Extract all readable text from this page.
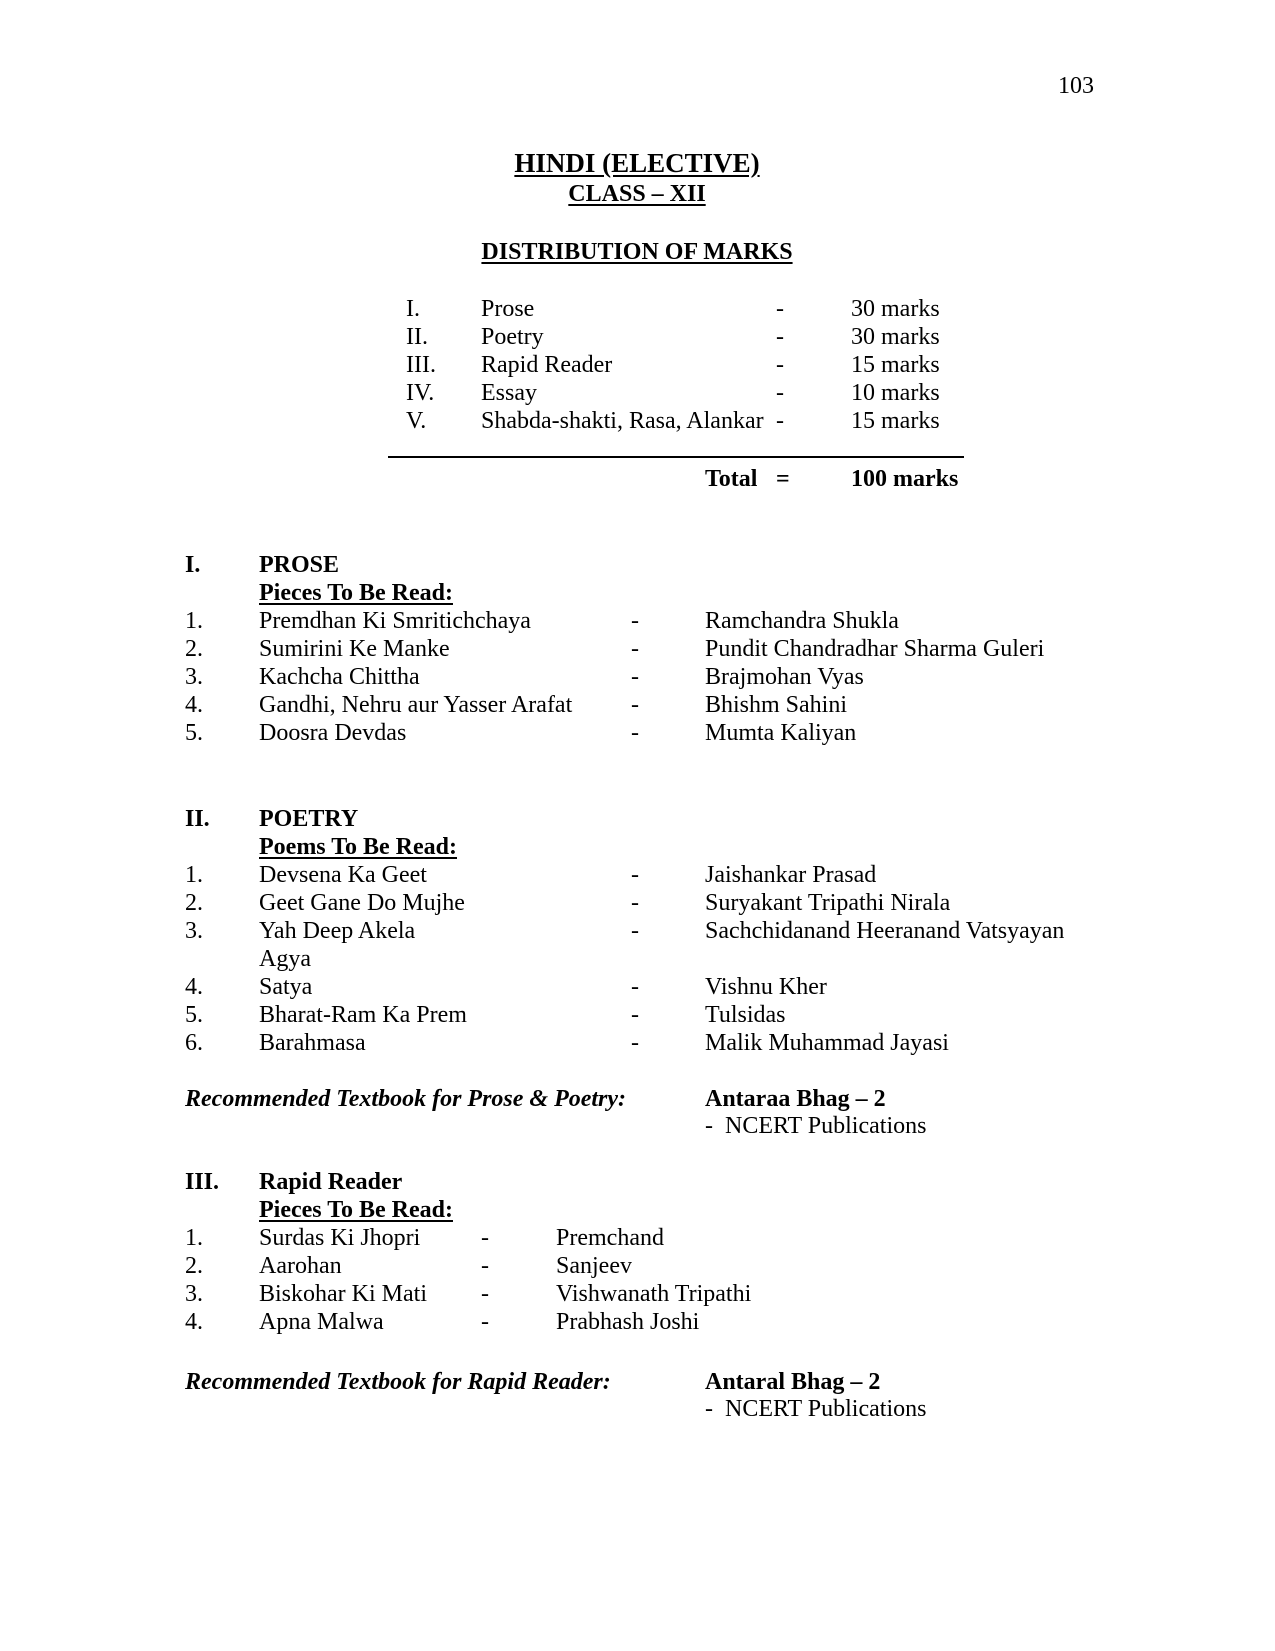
103
HINDI (ELECTIVE)
CLASS – XII
DISTRIBUTION OF MARKS
I.	Prose	-	30 marks
II. Poetry	-	30 marks
III. Rapid Reader	-	15 marks
IV. Essay	-	10 marks
V. Shabda-shakti, Rasa, Alankar -	15 marks
Total =	100 marks
I. PROSE
Pieces To Be Read:
1. Premdhan Ki Smritichchaya	-	Ramchandra Shukla
2. Sumirini Ke Manke	-	Pundit Chandradhar Sharma Guleri
3. Kachcha Chittha	-	Brajmohan Vyas
4. Gandhi, Nehru aur Yasser Arafat -	Bhishm Sahini
5. Doosra Devdas	-	Mumta Kaliyan
II. POETRY
Poems To Be Read:
1. Devsena Ka Geet	-	Jaishankar Prasad
2. Geet Gane Do Mujhe	-	Suryakant Tripathi Nirala
3. Yah Deep Akela	-	Sachchidanand Heeranand Vatsyayan
Agya
4. Satya	-	Vishnu Kher
5. Bharat-Ram Ka Prem	-	Tulsidas
6. Barahmasa	-	Malik Muhammad Jayasi
Recommended Textbook for Prose & Poetry:	Antaraa Bhag – 2
-  NCERT Publications
III. Rapid Reader
Pieces To Be Read:
1. Surdas Ki Jhopri	-	Premchand
2. Aarohan	-	Sanjeev
3. Biskohar Ki Mati -	Vishwanath Tripathi
4. Apna Malwa	-	Prabhash Joshi
Recommended Textbook for Rapid Reader:	Antaral Bhag – 2
-  NCERT Publications
